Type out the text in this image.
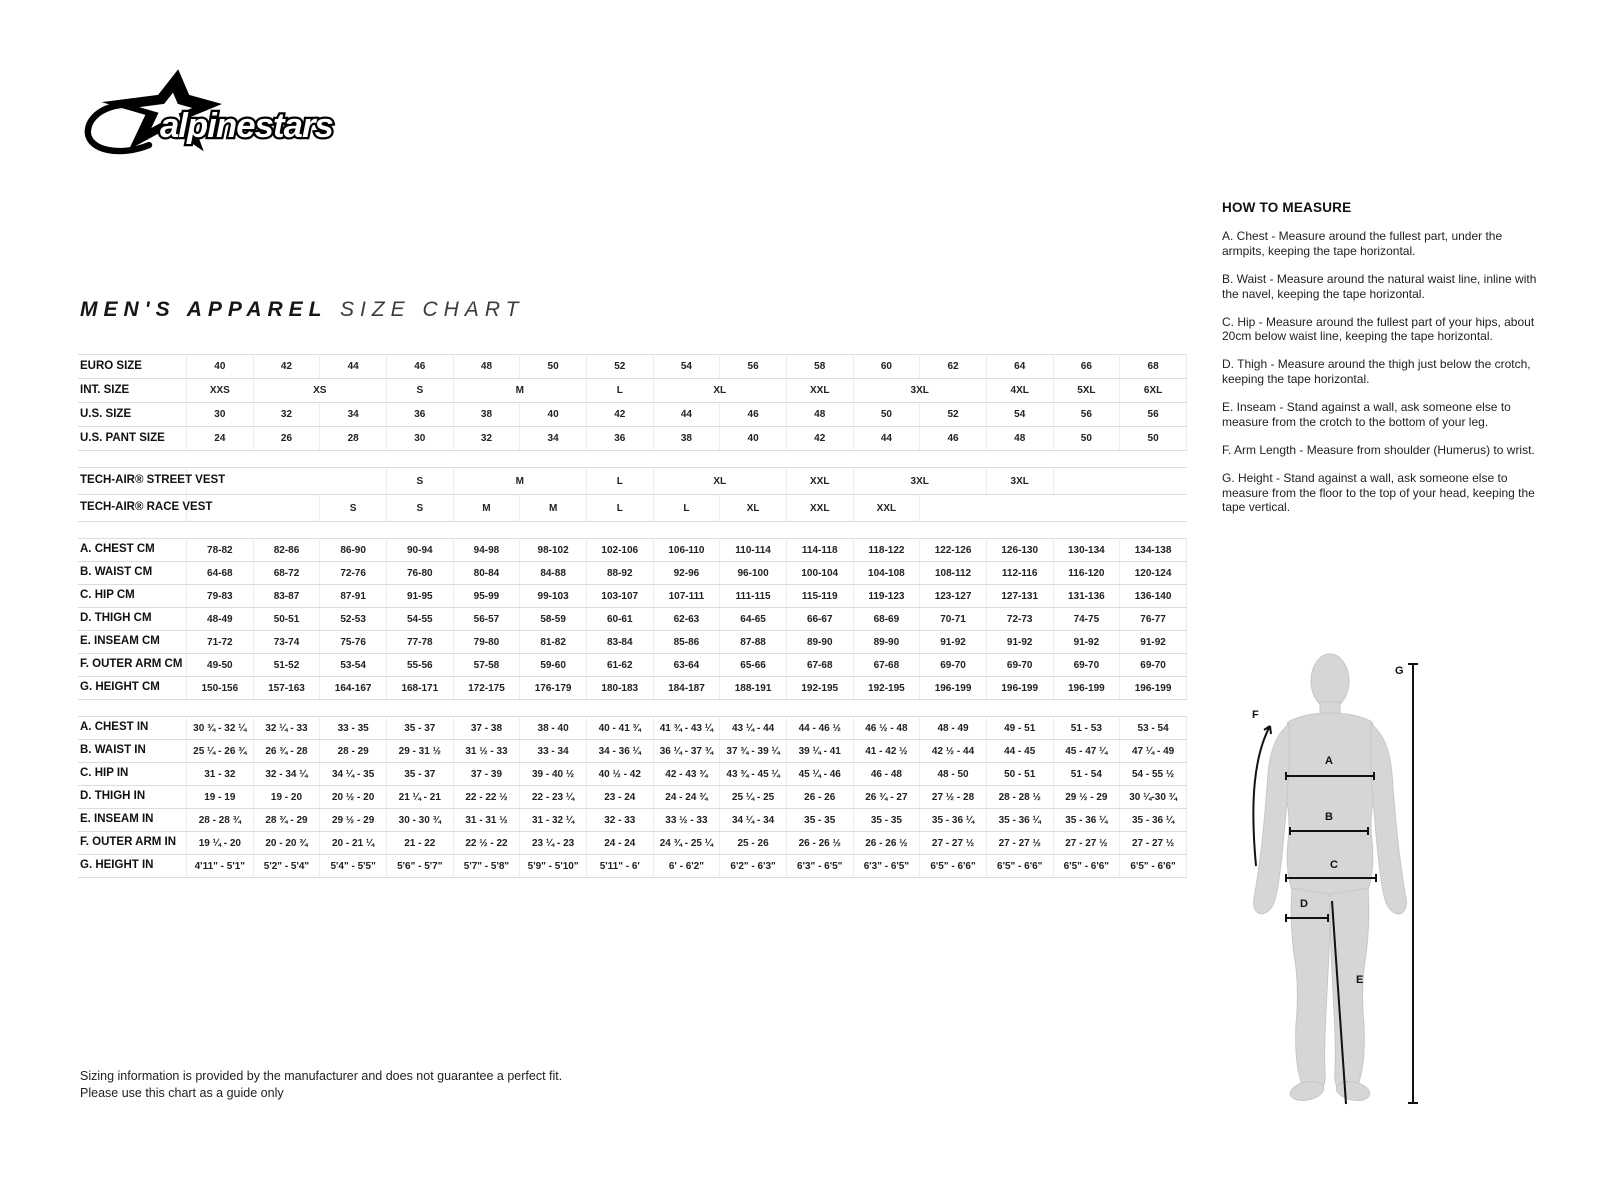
alpinestars
MEN'S APPAREL SIZE CHART
EURO SIZE	40	42	44	46	48	50	52	54	56	58	60	62	64	66	68
INT. SIZE	XXS	XS		S	M		L	XL		XXL	3XL		4XL	5XL	6XL
U.S. SIZE	30	32	34	36	38	40	42	44	46	48	50	52	54	56	56
U.S. PANT SIZE	24	26	28	30	32	34	36	38	40	42	44	46	48	50	50

TECH-AIR® STREET VEST				S	M		L	XL		XXL	3XL		3XL		
TECH-AIR® RACE VEST			S	S	M	M	L	L	XL	XXL	XXL				

A. CHEST CM	78-82	82-86	86-90	90-94	94-98	98-102	102-106	106-110	110-114	114-118	118-122	122-126	126-130	130-134	134-138
B. WAIST CM	64-68	68-72	72-76	76-80	80-84	84-88	88-92	92-96	96-100	100-104	104-108	108-112	112-116	116-120	120-124
C. HIP CM	79-83	83-87	87-91	91-95	95-99	99-103	103-107	107-111	111-115	115-119	119-123	123-127	127-131	131-136	136-140
D. THIGH CM	48-49	50-51	52-53	54-55	56-57	58-59	60-61	62-63	64-65	66-67	68-69	70-71	72-73	74-75	76-77
E. INSEAM CM	71-72	73-74	75-76	77-78	79-80	81-82	83-84	85-86	87-88	89-90	89-90	91-92	91-92	91-92	91-92
F. OUTER ARM CM	49-50	51-52	53-54	55-56	57-58	59-60	61-62	63-64	65-66	67-68	67-68	69-70	69-70	69-70	69-70
G. HEIGHT CM	150-156	157-163	164-167	168-171	172-175	176-179	180-183	184-187	188-191	192-195	192-195	196-199	196-199	196-199	196-199

A. CHEST IN	30 ¾ - 32 ¼	32 ¼ - 33	33 - 35	35 - 37	37 - 38	38 - 40	40 - 41 ¾	41 ¾ - 43 ¼	43 ¼ - 44	44 - 46 ½	46 ½ - 48	48 - 49	49 - 51	51 - 53	53 - 54
B. WAIST IN	25 ¼ - 26 ¾	26 ¾ - 28	28 - 29	29 - 31 ½	31 ½ - 33	33 - 34	34 - 36 ¼	36 ¼ - 37 ¾	37 ¾ - 39 ¼	39 ¼ - 41	41 - 42 ½	42 ½ - 44	44 - 45	45 - 47 ¼	47 ¼ - 49
C. HIP IN	31 - 32	32 - 34 ¼	34 ¼ - 35	35 - 37	37 - 39	39 - 40 ½	40 ½ - 42	42 - 43 ¾	43 ¾ - 45 ¼	45 ¼ - 46	46 - 48	48 - 50	50 - 51	51 - 54	54 - 55 ½
D. THIGH IN	19 - 19	19 - 20	20 ½ - 20	21 ¼ - 21	22 - 22 ½	22 - 23 ¼	23 - 24	24 - 24 ¾	25 ¼ - 25	26 - 26	26 ¾ - 27	27 ½ - 28	28 - 28 ½	29 ½ - 29	30 ¼-30 ¾
E. INSEAM IN	28 - 28 ¾	28 ¾ - 29	29 ½ - 29	30 - 30 ¾	31 - 31 ½	31 - 32 ¼	32 - 33	33 ½ - 33	34 ¼ - 34	35 - 35	35 - 35	35 - 36 ¼	35 - 36 ¼	35 - 36 ¼	35 - 36 ¼
F. OUTER ARM IN	19 ¼ - 20	20 - 20 ¾	20 - 21 ¼	21 - 22	22 ½ - 22	23 ¼ - 23	24 - 24	24 ¾ - 25 ¼	25 - 26	26 - 26 ½	26 - 26 ½	27 - 27 ½	27 - 27 ½	27 - 27 ½	27 - 27 ½
G. HEIGHT IN	4'11" - 5'1"	5'2" - 5'4"	5'4" - 5'5"	5'6" - 5'7"	5'7" - 5'8"	5'9" - 5'10"	5'11" - 6'	6' - 6'2"	6'2" - 6'3"	6'3" - 6'5"	6'3" - 6'5"	6'5" - 6'6"	6'5" - 6'6"	6'5" - 6'6"	6'5" - 6'6"
HOW TO MEASURE

A. Chest - Measure around the fullest part, under the armpits, keeping the tape horizontal.

B. Waist - Measure around the natural waist line, inline with the navel, keeping the tape horizontal.

C. Hip - Measure around the fullest part of your hips, about 20cm below waist line, keeping the tape horizontal.

D. Thigh - Measure around the thigh just below the crotch, keeping the tape horizontal.

E. Inseam - Stand against a wall, ask someone else to measure from the crotch to the bottom of your leg.

F. Arm Length - Measure from shoulder (Humerus) to wrist.

G. Height - Stand against a wall, ask someone else to measure from the floor to the top of your head, keeping the tape vertical.

A
B
C
D
E
F
G
Sizing information is provided by the manufacturer and does not guarantee a perfect fit.
Please use this chart as a guide only
